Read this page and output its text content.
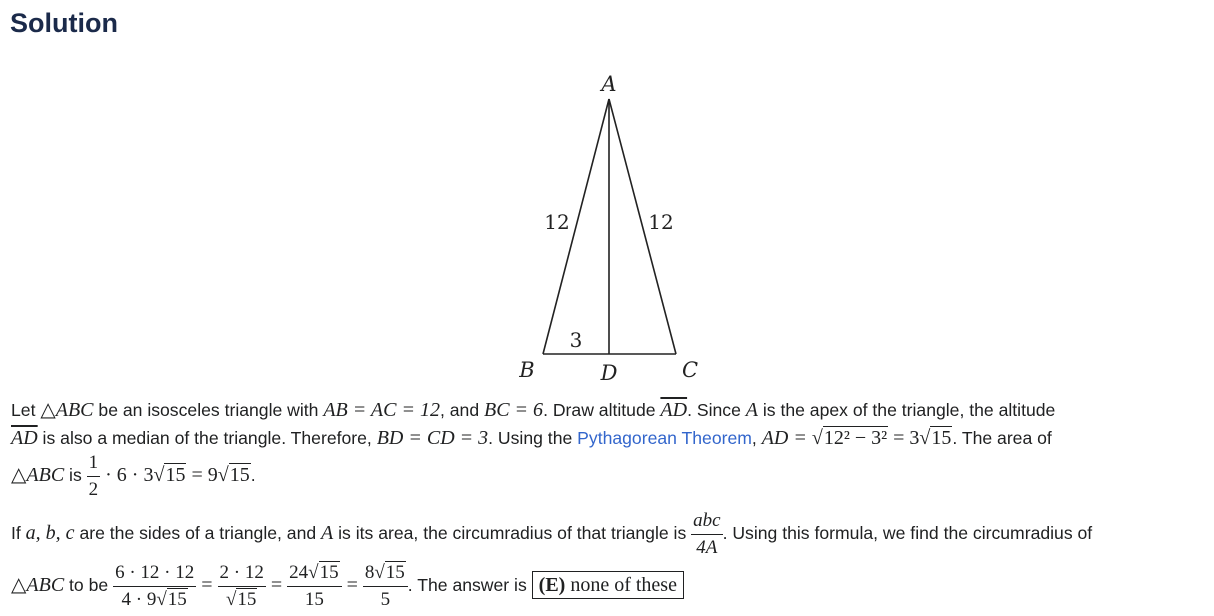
Solution
A
B	D	C
12	12
3

Let △ABC be an isosceles triangle with AB = AC = 12, and BC = 6. Draw altitude $\overline{AD}$. Since A is the apex of the triangle, the altitude
$\overline{AD}$ is also a median of the triangle. Therefore, BD = CD = 3. Using the Pythagorean Theorem, AD = √12² − 3² = 3√15. The area of
△ABC is $\frac{1}{2} \cdot 6 \cdot 3√15 = 9√15$.

If a, b, c are the sides of a triangle, and A is its area, the circumradius of that triangle is $\frac{\text{abc}}{4A}$ . Using this formula, we find the circumradius of

△ABC to be $\frac{6 \cdot 12 \cdot 12}{4 \cdot 9√15} = \frac{2 \cdot 12}{√15} = \frac{24√15}{15} = \frac{8√15}{5}$ . The answer is (E) none of these
